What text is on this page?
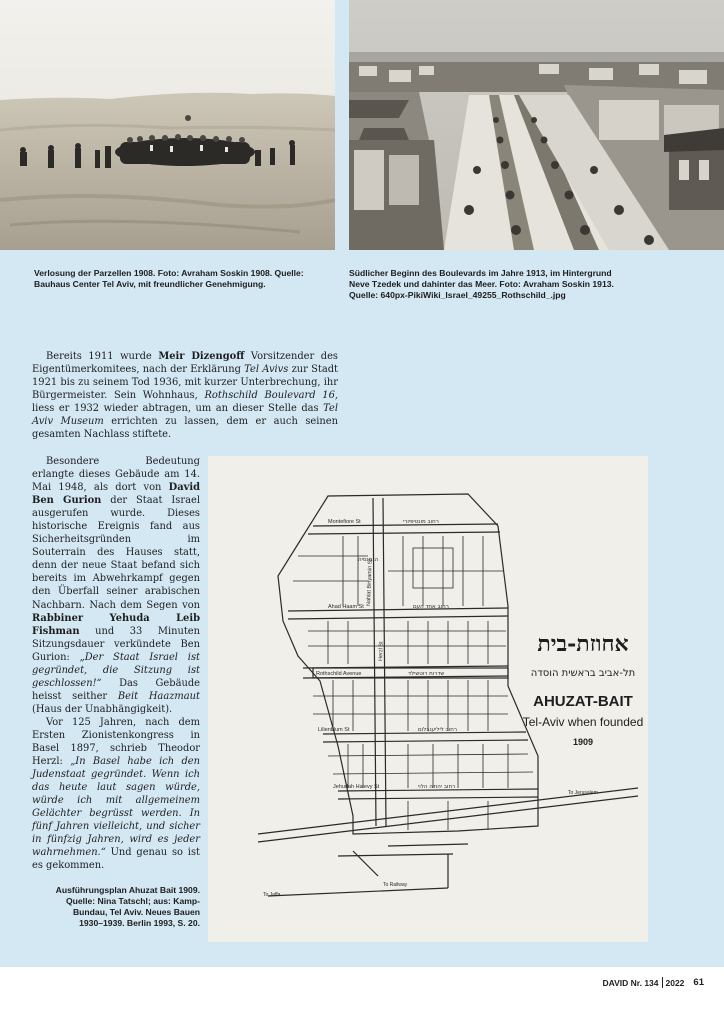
Verlosung der Parzellen 1908. Foto: Avraham Soskin 1908. Quelle: Bauhaus Center Tel Aviv, mit freundlicher Genehmigung.
Südlicher Beginn des Boulevards im Jahre 1913, im Hintergrund
Neve Tzedek und dahinter das Meer. Foto: Avraham Soskin 1913.
Quelle: 640px-PikiWiki_Israel_49255_Rothschild_.jpg

Bereits 1911 wurde Meir Dizengoff Vorsitzender des Eigentümerkomitees, nach der Erklärung Tel Avivs zur Stadt 1921 bis zu seinem Tod 1936, mit kurzer Unterbrechung, ihr Bürgermeister. Sein Wohnhaus, Rothschild Boulevard 16, liess er 1932 wieder abtragen, um an dieser Stelle das Tel Aviv Museum errichten zu lassen, dem er auch seinen gesamten Nachlass stiftete.

Besondere Bedeutung erlangte dieses Gebäude am 14. Mai 1948, als dort von David Ben Gurion der Staat Israel ausgerufen wurde. Dieses historische Ereignis fand aus Sicherheitsgründen im Souterrain des Hauses statt, denn der neue Staat befand sich bereits im Abwehrkampf gegen den Überfall seiner arabischen Nachbarn. Nach dem Segen von Rabbiner Yehuda Leib Fishman und 33 Minuten Sitzungsdauer verkündete Ben Gurion: „Der Staat Israel ist gegründet, die Sitzung ist geschlossen!“ Das Gebäude heisst seither Beit Haazmaut (Haus der Unabhängigkeit).

Vor 125 Jahren, nach dem Ersten Zionistenkongress in Basel 1897, schrieb Theodor Herzl: „In Basel habe ich den Judenstaat gegründet. Wenn ich das heute laut sagen würde, würde ich mit allgemeinem Gelächter begrüsst werden. In fünf Jahren vielleicht, und sicher in fünfzig Jahren, wird es jeder wahrnehmen.“ Und genau so ist es gekommen.

Montefiore St	רחוב מונטיפיורי
Ahad Haam St	רחוב אחד העם
Rothschild Avenue	שדרות רוטשילד
Lilienblum St	רחוב ליליענבלום
Jehudah Halevy St	רחוב יהודה הלוי
הגמנסיה
To Jerusalem
To Jaffa
To Railway
Nahlat Binyamin St
Herzl St	אחוזת-בית
תל-אביב בראשית הוסדה
AHUZAT-BAIT
Tel-Aviv when founded
1909
Ausführungsplan Ahuzat Bait 1909.
Quelle: Nina Tatschl; aus: Kamp-
Bundau, Tel Aviv. Neues Bauen
1930–1939. Berlin 1993, S. 20.
DAVID Nr. 134 2022 61
